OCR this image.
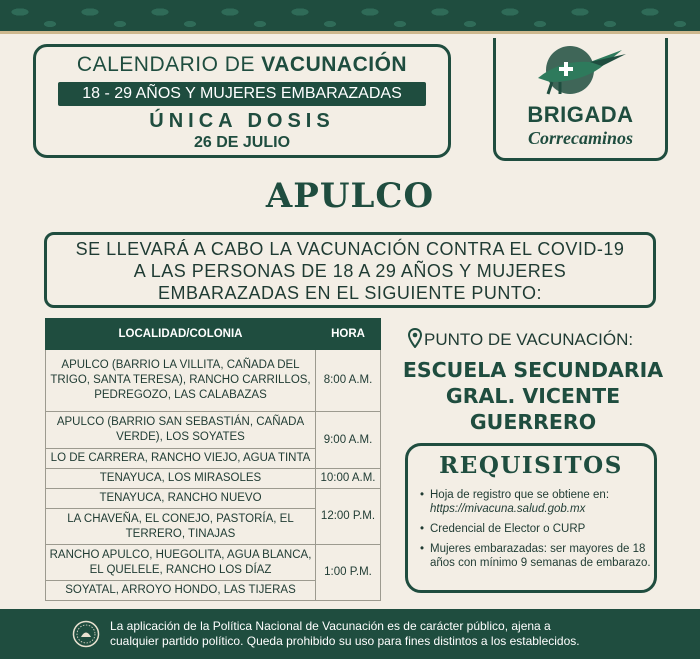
CALENDARIO DE VACUNACIÓN
18 - 29 AÑOS Y MUJERES EMBARAZADAS
ÚNICA DOSIS
26 DE JULIO
BRIGADA
Correcaminos
APULCO
SE LLEVARÁ A CABO LA VACUNACIÓN CONTRA EL COVID-19
A LAS PERSONAS DE 18 A 29 AÑOS Y MUJERES
EMBARAZADAS EN EL SIGUIENTE PUNTO:
LOCALIDAD/COLONIA	HORA
APULCO (BARRIO LA VILLITA, CAÑADA DEL TRIGO, SANTA TERESA), RANCHO CARRILLOS, PEDREGOZO, LAS CALABAZAS	8:00 A.M.
APULCO (BARRIO SAN SEBASTIÁN, CAÑADA VERDE), LOS SOYATES	9:00 A.M.
LO DE CARRERA, RANCHO VIEJO, AGUA TINTA	
TENAYUCA, LOS MIRASOLES	10:00 A.M.
TENAYUCA, RANCHO NUEVO	12:00 P.M.
LA CHAVEÑA, EL CONEJO, PASTORÍA, EL TERRERO, TINAJAS	
RANCHO APULCO, HUEGOLITA, AGUA BLANCA, EL QUELELE, RANCHO LOS DÍAZ	1:00 P.M.
SOYATAL, ARROYO HONDO, LAS TIJERAS	
PUNTO DE VACUNACIÓN:
ESCUELA SECUNDARIA
GRAL. VICENTE
GUERRERO
REQUISITOS
• Hoja de registro que se obtiene en: https://mivacuna.salud.gob.mx
• Credencial de Elector o CURP
• Mujeres embarazadas: ser mayores de 18 años con mínimo 9 semanas de embarazo.
La aplicación de la Política Nacional de Vacunación es de carácter público, ajena a
cualquier partido político. Queda prohibido su uso para fines distintos a los establecidos.
